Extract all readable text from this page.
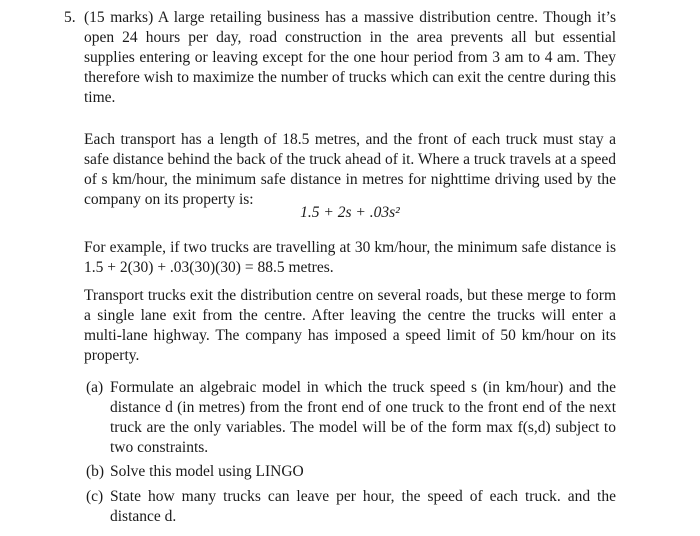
5. (15 marks) A large retailing business has a massive distribution centre. Though it’s open 24 hours per day, road construction in the area prevents all but essential supplies entering or leaving except for the one hour period from 3 am to 4 am. They therefore wish to maximize the number of trucks which can exit the centre during this time.

Each transport has a length of 18.5 metres, and the front of each truck must stay a safe distance behind the back of the truck ahead of it. Where a truck travels at a speed of s km/hour, the minimum safe distance in metres for nighttime driving used by the company on its property is:

1.5 + 2s + .03s²

For example, if two trucks are travelling at 30 km/hour, the minimum safe distance is 1.5 + 2(30) + .03(30)(30) = 88.5 metres.

Transport trucks exit the distribution centre on several roads, but these merge to form a single lane exit from the centre. After leaving the centre the trucks will enter a multi-lane highway. The company has imposed a speed limit of 50 km/hour on its property.

(a) Formulate an algebraic model in which the truck speed s (in km/hour) and the distance d (in metres) from the front end of one truck to the front end of the next truck are the only variables. The model will be of the form max f(s,d) subject to two constraints.
(b) Solve this model using LINGO
(c) State how many trucks can leave per hour, the speed of each truck. and the distance d.
